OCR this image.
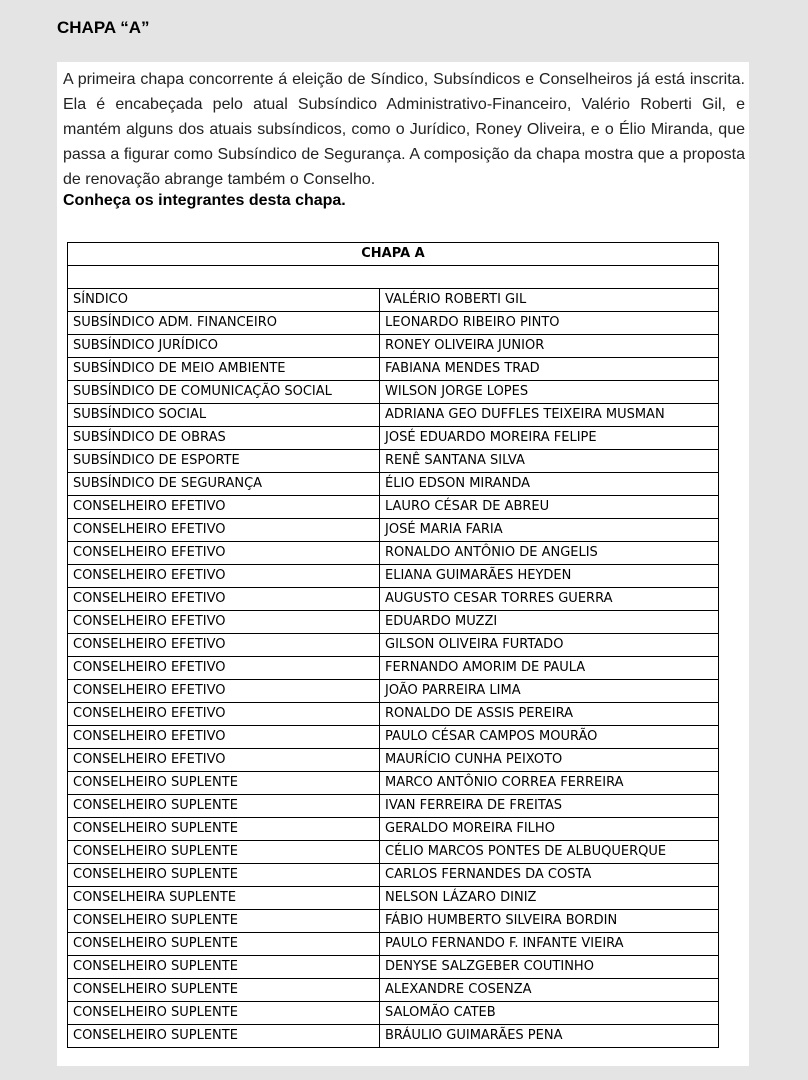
CHAPA “A”
A primeira chapa concorrente á eleição de Síndico, Subsíndicos e Conselheiros já está inscrita. Ela é encabeçada pelo atual Subsíndico Administrativo-Financeiro, Valério Roberti Gil, e mantém alguns dos atuais subsíndicos, como o Jurídico, Roney Oliveira, e o Élio Miranda, que passa a figurar como Subsíndico de Segurança. A composição da chapa mostra que a proposta de renovação abrange também o Conselho.
Conheça os integrantes desta chapa.
CHAPA A	

SÍNDICO	VALÉRIO ROBERTI GIL
SUBSÍNDICO ADM. FINANCEIRO	LEONARDO RIBEIRO PINTO
SUBSÍNDICO JURÍDICO	RONEY OLIVEIRA JUNIOR
SUBSÍNDICO DE MEIO AMBIENTE	FABIANA MENDES TRAD
SUBSÍNDICO DE COMUNICAÇÃO SOCIAL	WILSON JORGE LOPES
SUBSÍNDICO SOCIAL	ADRIANA GEO DUFFLES TEIXEIRA MUSMAN
SUBSÍNDICO DE OBRAS	JOSÉ EDUARDO MOREIRA FELIPE
SUBSÍNDICO DE ESPORTE	RENÊ SANTANA SILVA
SUBSÍNDICO DE SEGURANÇA	ÉLIO EDSON MIRANDA
CONSELHEIRO EFETIVO	LAURO CÉSAR DE ABREU
CONSELHEIRO EFETIVO	JOSÉ MARIA FARIA
CONSELHEIRO EFETIVO	RONALDO ANTÔNIO DE ANGELIS
CONSELHEIRO EFETIVO	ELIANA GUIMARÃES HEYDEN
CONSELHEIRO EFETIVO	AUGUSTO CESAR TORRES GUERRA
CONSELHEIRO EFETIVO	EDUARDO MUZZI
CONSELHEIRO EFETIVO	GILSON OLIVEIRA FURTADO
CONSELHEIRO EFETIVO	FERNANDO AMORIM DE PAULA
CONSELHEIRO EFETIVO	JOÃO PARREIRA LIMA
CONSELHEIRO EFETIVO	RONALDO DE ASSIS PEREIRA
CONSELHEIRO EFETIVO	PAULO CÉSAR CAMPOS MOURÃO
CONSELHEIRO EFETIVO	MAURÍCIO CUNHA PEIXOTO
CONSELHEIRO SUPLENTE	MARCO ANTÔNIO CORREA FERREIRA
CONSELHEIRO SUPLENTE	IVAN FERREIRA DE FREITAS
CONSELHEIRO SUPLENTE	GERALDO MOREIRA FILHO
CONSELHEIRO SUPLENTE	CÉLIO MARCOS PONTES DE ALBUQUERQUE
CONSELHEIRO SUPLENTE	CARLOS FERNANDES DA COSTA
CONSELHEIRA SUPLENTE	NELSON LÁZARO DINIZ
CONSELHEIRO SUPLENTE	FÁBIO HUMBERTO SILVEIRA BORDIN
CONSELHEIRO SUPLENTE	PAULO FERNANDO F. INFANTE VIEIRA
CONSELHEIRO SUPLENTE	DENYSE SALZGEBER COUTINHO
CONSELHEIRO SUPLENTE	ALEXANDRE COSENZA
CONSELHEIRO SUPLENTE	SALOMÃO CATEB
CONSELHEIRO SUPLENTE	BRÁULIO GUIMARÃES PENA
